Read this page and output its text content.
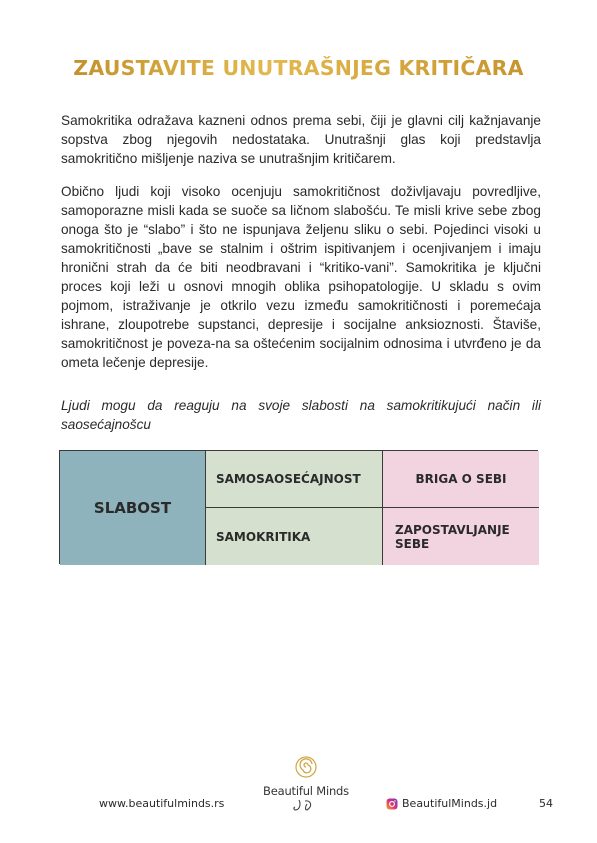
ZAUSTAVITE UNUTRAŠNJEG KRITIČARA

Samokritika odražava kazneni odnos prema sebi, čiji je glavni cilj kažnjavanje sopstva zbog njegovih nedostataka. Unutrašnji glas koji predstavlja samokritično mišljenje naziva se unutrašnjim kritičarem.

Obično ljudi koji visoko ocenjuju samokritičnost doživljavaju povredljive, samoporazne misli kada se suoče sa ličnom slabošću. Te misli krive sebe zbog onoga što je “slabo” i što ne ispunjava željenu sliku o sebi. Pojedinci visoki u samokritičnosti „bave se stalnim i oštrim ispitivanjem i ocenjivanjem i imaju hronični strah da će biti neodbravani i “kritiko-vani”. Samokritika je ključni proces koji leži u osnovi mnogih oblika psihopatologije. U skladu s ovim pojmom, istraživanje je otkrilo vezu između samokritičnosti i poremećaja ishrane, zloupotrebe supstanci, depresije i socijalne anksioznosti. Štaviše, samokritičnost je poveza-na sa oštećenim socijalnim odnosima i utvrđeno je da ometa lečenje depresije.

Ljudi mogu da reaguju na svoje slabosti na samokritikujući način ili saosećajnošcu

SLABOST
SAMOSAOSEĆAJNOST	BRIGA O SEBI
SAMOKRITIKA	ZAPOSTAVLJANJE SEBE
Beautiful Minds
www.beautifulminds.rs	BeautifulMinds.jd	54
